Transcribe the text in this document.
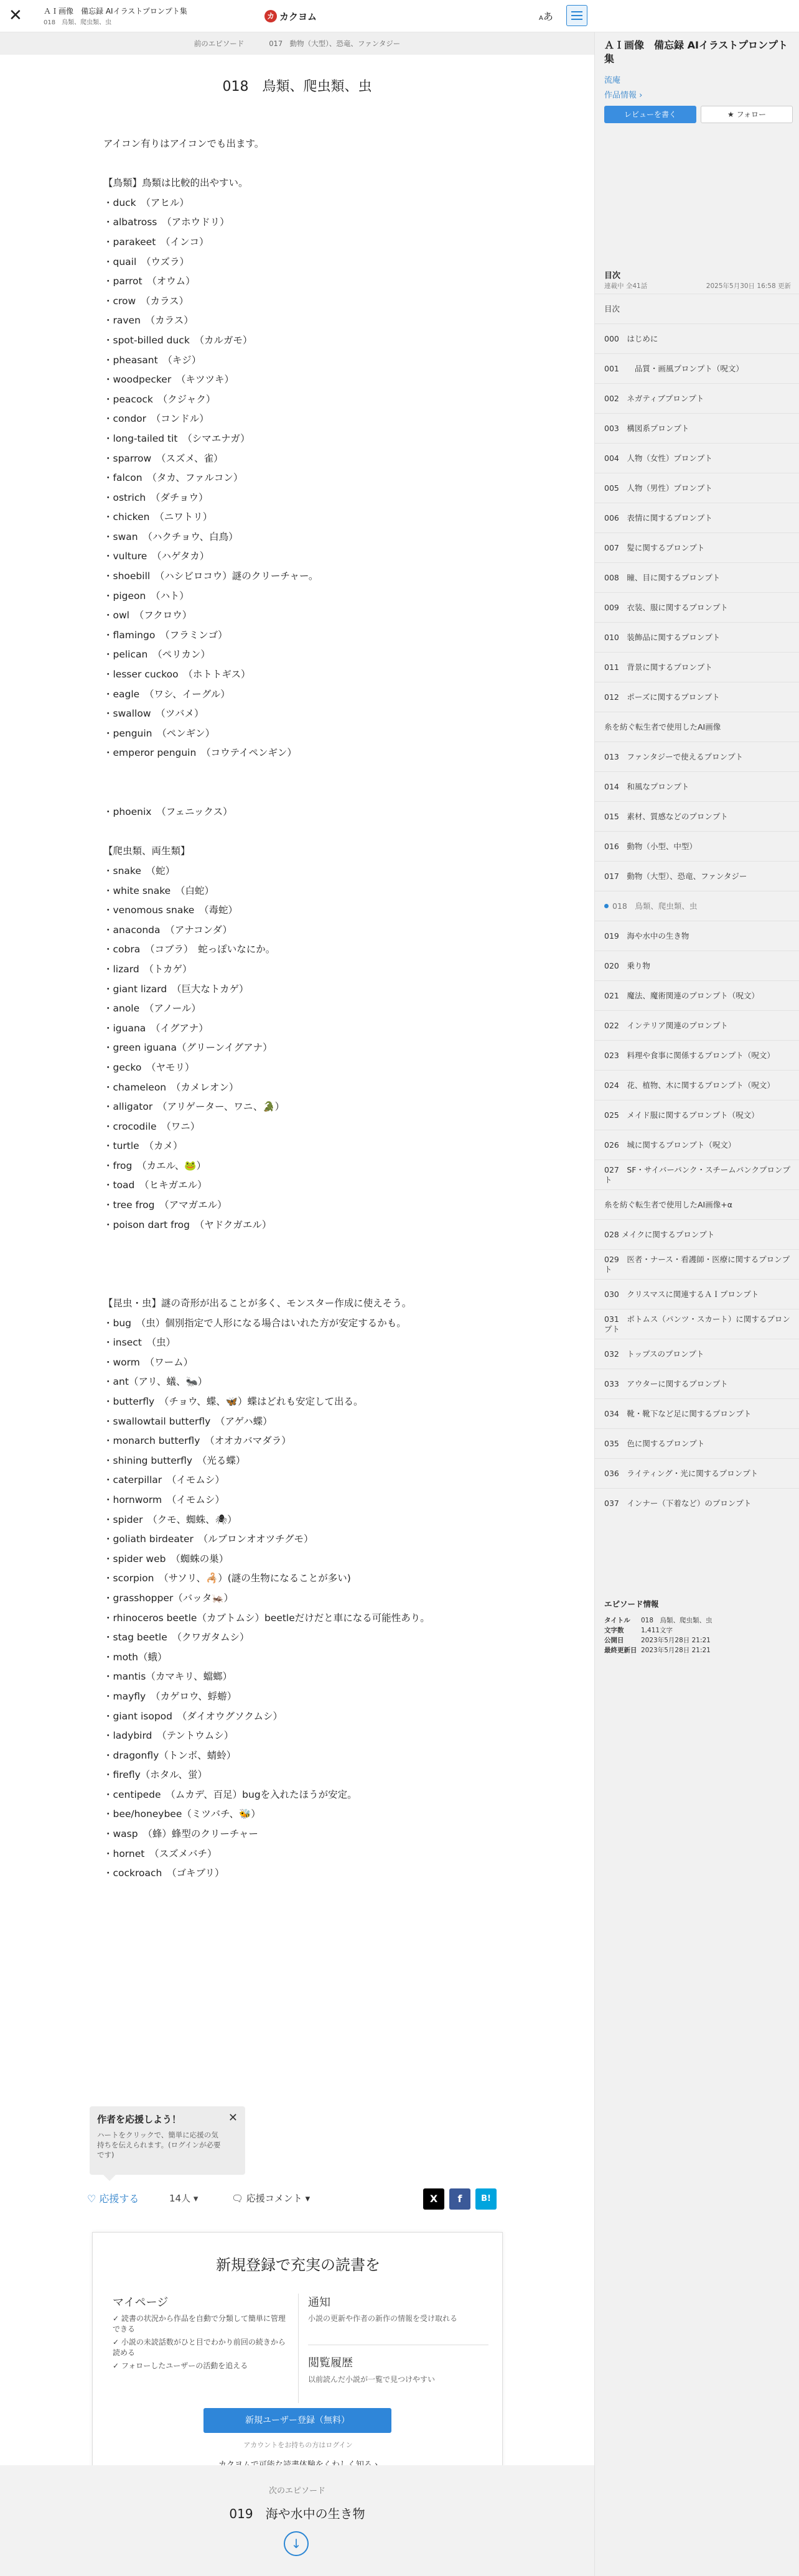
✕	ＡＩ画像　備忘録 AIイラストプロンプト集
018　鳥類、爬虫類、虫
カ カクヨム	Aあ
前のエピソード	017　動物（大型）、恐竜、ファンタジー
018　鳥類、爬虫類、虫
アイコン有りはアイコンでも出ます。
【鳥類】鳥類は比較的出やすい。
・duck　（アヒル）
・albatross　（アホウドリ）
・parakeet　（インコ）
・quail　（ウズラ）
・parrot　（オウム）
・crow　（カラス）
・raven　（カラス）
・spot-billed duck　（カルガモ）
・pheasant　（キジ）
・woodpecker　（キツツキ）
・peacock　（クジャク）
・condor　（コンドル）
・long-tailed tit　（シマエナガ）
・sparrow　（スズメ、雀）
・falcon　（タカ、ファルコン）
・ostrich　（ダチョウ）
・chicken　（ニワトリ）
・swan　（ハクチョウ、白鳥）
・vulture　（ハゲタカ）
・shoebill　（ハシビロコウ）謎のクリーチャー。
・pigeon　（ハト）
・owl　（フクロウ）
・flamingo　（フラミンゴ）
・pelican　（ペリカン）
・lesser cuckoo　（ホトトギス）
・eagle　（ワシ、イーグル）
・swallow　（ツバメ）
・penguin　（ペンギン）
・emperor penguin　（コウテイペンギン）
・phoenix　（フェニックス）
【爬虫類、両生類】
・snake　（蛇）
・white snake　（白蛇）
・venomous snake　（毒蛇）
・anaconda　（アナコンダ）
・cobra　（コブラ）　蛇っぽいなにか。
・lizard　（トカゲ）
・giant lizard　（巨大なトカゲ）
・anole　（アノール）
・iguana　（イグアナ）
・green iguana（グリーンイグアナ）
・gecko　（ヤモリ）
・chameleon　（カメレオン）
・alligator　（アリゲーター、ワニ、🐊）
・crocodile　（ワニ）
・turtle　（カメ）
・frog　（カエル、🐸）
・toad　（ヒキガエル）
・tree frog　（アマガエル）
・poison dart frog　（ヤドクガエル）
【昆虫・虫】謎の奇形が出ることが多く、モンスター作成に使えそう。
・bug　（虫）個別指定で人形になる場合はいれた方が安定するかも。
・insect　（虫）
・worm　（ワーム）
・ant（アリ、蟻、🐜）
・butterfly　（チョウ、蝶、🦋）蝶はどれも安定して出る。
・swallowtail butterfly　（アゲハ蝶）
・monarch butterfly　（オオカバマダラ）
・shining butterfly　（光る蝶）
・caterpillar　（イモムシ）
・hornworm　（イモムシ）
・spider　（クモ、蜘蛛、🕷）
・goliath birdeater　（ルブロンオオツチグモ）
・spider web　（蜘蛛の巣）
・scorpion　（サソリ、🦂）(謎の生物になることが多い)
・grasshopper（バッタ🦗）
・rhinoceros beetle（カブトムシ）beetleだけだと車になる可能性あり。
・stag beetle　（クワガタムシ）
・moth（蛾）
・mantis（カマキリ、蟷螂）
・mayfly　（カゲロウ、蜉蝣）
・giant isopod　（ダイオウグソクムシ）
・ladybird　（テントウムシ）
・dragonfly（トンボ、蜻蛉）
・firefly（ホタル、蛍）
・centipede　（ムカデ、百足）bugを入れたほうが安定。
・bee/honeybee（ミツバチ、🐝）
・wasp　（蜂）蜂型のクリーチャー
・hornet　（スズメバチ）
・cockroach　（ゴキブリ）
作者を応援しよう！	✕
ハートをクリックで、簡単に応援の気持ちを伝えられます。(ログインが必要です)
♡ 応援する	14人 ▾	🗨 応援コメント ▾	X	f	B!
新規登録で充実の読書を
マイページ
✓ 読書の状況から作品を自動で分類して簡単に管理できる
✓ 小説の未読話数がひと目でわかり前回の続きから読める
✓ フォローしたユーザーの活動を追える
通知
小説の更新や作者の新作の情報を受け取れる
閲覧履歴
以前読んだ小説が一覧で見つけやすい
新規ユーザー登録（無料）
アカウントをお持ちの方はログイン
次のエピソード
019　海や水中の生き物
↓
ＡＩ画像　備忘録 AIイラストプロンプト集
流庵
作品情報 ›
レビューを書く	★ フォロー
目次
連載中 全41話	2025年5月30日 16:58 更新
目次
000　はじめに
001　　品質・画風プロンプト（呪文）
002　ネガティブプロンプト
003　構図系プロンプト
004　人物（女性）プロンプト
005　人物（男性）プロンプト
006　表情に関するプロンプト
007　髪に関するプロンプト
008　瞳、目に関するプロンプト
009　衣装、服に関するプロンプト
010　装飾品に関するプロンプト
011　背景に関するプロンプト
012　ポーズに関するプロンプト
糸を紡ぐ転生者で使用したAI画像
013　ファンタジーで使えるプロンプト
014　和風なプロンプト
015　素材、質感などのプロンプト
016　動物（小型、中型）
017　動物（大型）、恐竜、ファンタジー
018　鳥類、爬虫類、虫
019　海や水中の生き物
020　乗り物
021　魔法、魔術関連のプロンプト（呪文）
022　インテリア関連のプロンプト
023　料理や食事に関係するプロンプト（呪文）
024　花、植物、木に関するプロンプト（呪文）
025　メイド服に関するプロンプト（呪文）
026　城に関するプロンプト（呪文）
027　SF・サイバーパンク・スチームパンクプロンプト
糸を紡ぐ転生者で使用したAI画像+α
028 メイクに関するプロンプト
029　医者・ナース・看護師・医療に関するプロンプト
030　クリスマスに関連するＡＩプロンプト
031　ボトムス（パンツ・スカート）に関するプロンプト
032　トップスのプロンプト
033　アウターに関するプロンプト
034　靴・靴下など足に関するプロンプト
035　色に関するプロンプト
036　ライティング・光に関するプロンプト
037　インナー（下着など）のプロンプト
エピソード情報
タイトル 018　鳥類、爬虫類、虫
文字数	1,411文字
公開日	2023年5月28日 21:21
最終更新日 2023年5月28日 21:21
